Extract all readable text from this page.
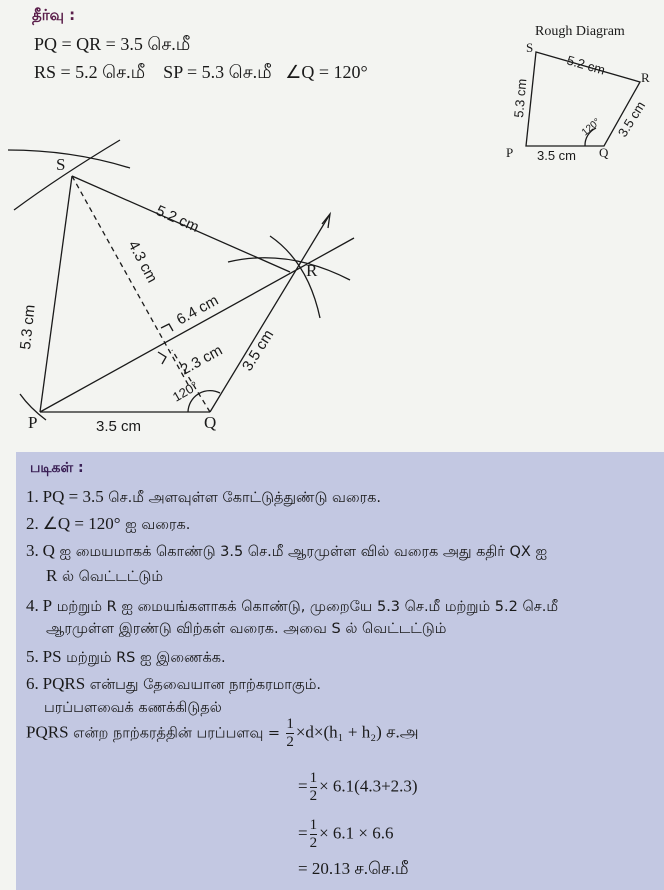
தீர்வு :
PQ = QR = 3.5 செ.மீ
RS = 5.2 செ.மீ    SP = 5.3 செ.மீ   ∠Q = 120°
Rough Diagram
S
R
P	Q
5.2 cm
5.3 cm
3.5 cm
3.5 cm
120°
S
R
P	Q
5.2 cm
5.3 cm
4.3 cm
6.4 cm
2.3 cm 3.5 cm
120°
3.5 cm
படிகள் :
1. PQ = 3.5 செ.மீ அளவுள்ள கோட்டுத்துண்டு வரைக.
2. ∠Q = 120° ஐ வரைக.
3. Q ஐ மையமாகக் கொண்டு 3.5 செ.மீ ஆரமுள்ள வில் வரைக அது கதிர் QX ஐ
R ல் வெட்டட்டும்
4. P மற்றும் R ஐ மையங்களாகக் கொண்டு, முறையே 5.3 செ.மீ மற்றும் 5.2 செ.மீ
ஆரமுள்ள இரண்டு விற்கள் வரைக. அவை S ல் வெட்டட்டும்
5. PS மற்றும் RS ஐ இணைக்க.
6. PQRS என்பது தேவையான நாற்கரமாகும்.
பரப்பளவைக் கணக்கிடுதல்
PQRS என்ற நாற்கரத்தின் பரப்பளவு = $\frac{1}{2} \times d\times(h_1 + h_2)$ ச.அ
= $\frac{1}{2} \times 6.1(4.3+2.3)$
= $\frac{1}{2} \times 6.1 \times 6.6$
= 20.13 ச.செ.மீ
